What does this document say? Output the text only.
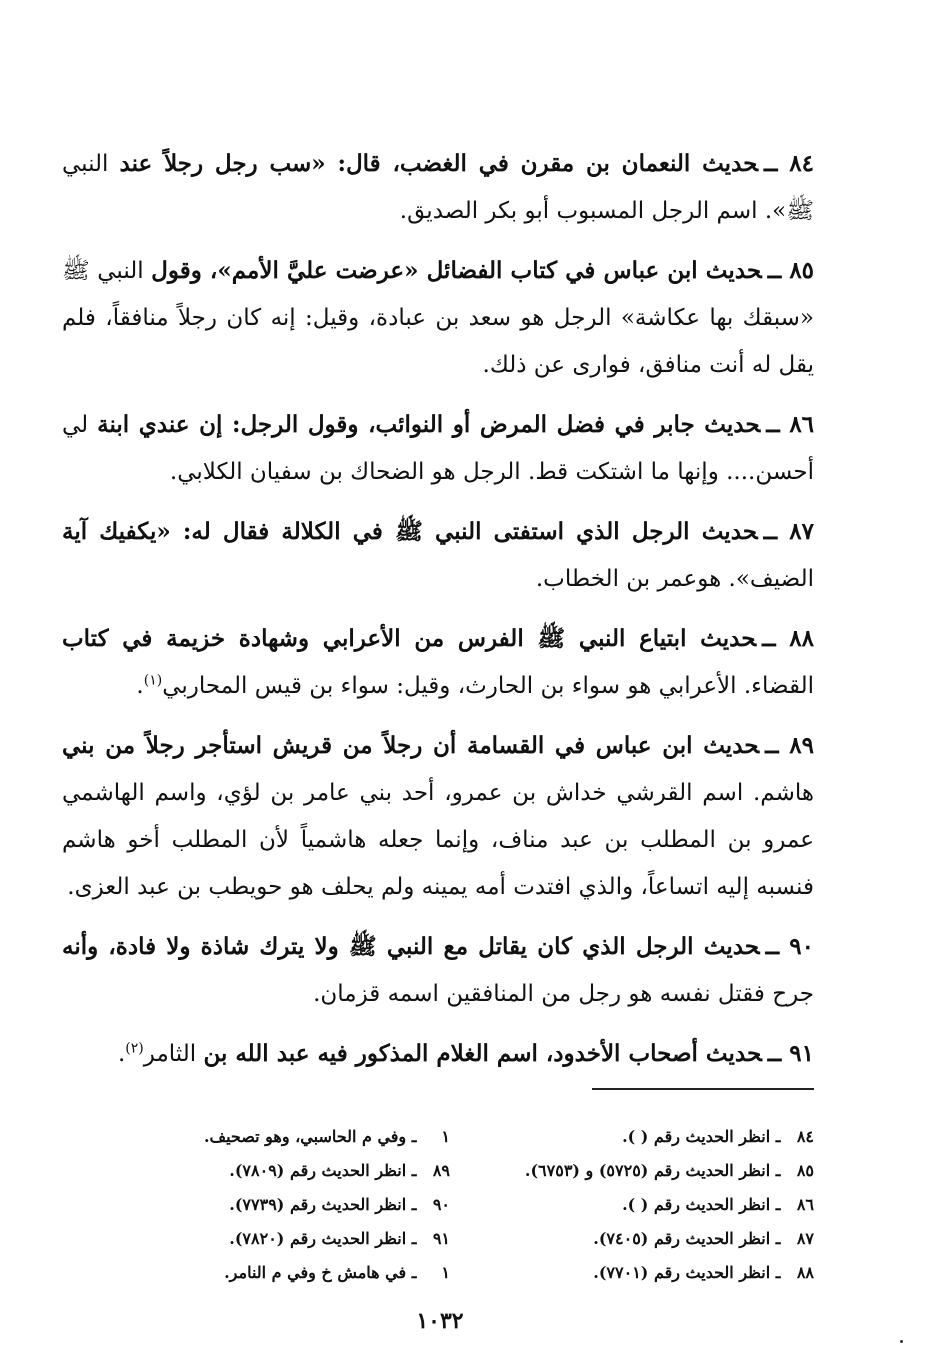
٨٤ ــحديث النعمان بن مقرن في الغضب، قال: «سب رجل رجلاً عند النبي ﷺ». اسم الرجل المسبوب أبو بكر الصديق.
٨٥ ــحديث ابن عباس في كتاب الفضائل «عرضت عليَّ الأمم»، وقول النبي ﷺ «سبقك بها عكاشة» الرجل هو سعد بن عبادة، وقيل: إنه كان رجلاً منافقاً، فلم يقل له أنت منافق، فوارى عن ذلك.
٨٦ ــحديث جابر في فضل المرض أو النوائب، وقول الرجل: إن عندي ابنة لي أحسن.... وإنها ما اشتكت قط. الرجل هو الضحاك بن سفيان الكلابي.
٨٧ ــحديث الرجل الذي استفتى النبي ﷺ في الكلالة فقال له: «يكفيك آية الضيف». هوعمر بن الخطاب.
٨٨ ــحديث ابتياع النبي ﷺ الفرس من الأعرابي وشهادة خزيمة في كتاب القضاء. الأعرابي هو سواء بن الحارث، وقيل: سواء بن قيس المحاربي$^{(١)}$.
٨٩ ــحديث ابن عباس في القسامة أن رجلاً من قريش استأجر رجلاً من بني هاشم. اسم القرشي خداش بن عمرو، أحد بني عامر بن لؤي، واسم الهاشمي عمرو بن المطلب بن عبد مناف، وإنما جعله هاشمياً لأن المطلب أخو هاشم فنسبه إليه اتساعاً، والذي افتدت أمه يمينه ولم يحلف هو حويطب بن عبد العزى.
٩٠ ــحديث الرجل الذي كان يقاتل مع النبي ﷺ ولا يترك شاذة ولا فادة، وأنه جرح فقتل نفسه هو رجل من المنافقين اسمه قزمان.
٩١ ــحديث أصحاب الأخدود، اسم الغلام المذكور فيه عبد الله بن الثامر$^{(٢)}$.
٨٤ ـ انظر الحديث رقم ( ).
٨٥ ـ انظر الحديث رقم (٥٧٢٥) و (٦٧٥٣).
٨٦ ـ انظر الحديث رقم ( ).
٨٧ ـ انظر الحديث رقم (٧٤٠٥).
٨٨ ـ انظر الحديث رقم (٧٧٠١).
١ ـ وفي م الحاسبي، وهو تصحيف.
٨٩ ـ انظر الحديث رقم (٧٨٠٩).
٩٠ ـ انظر الحديث رقم (٧٧٣٩).
٩١ ـ انظر الحديث رقم (٧٨٢٠).
١ ـ في هامش خ وفي م النامر.
١٠٣٢
